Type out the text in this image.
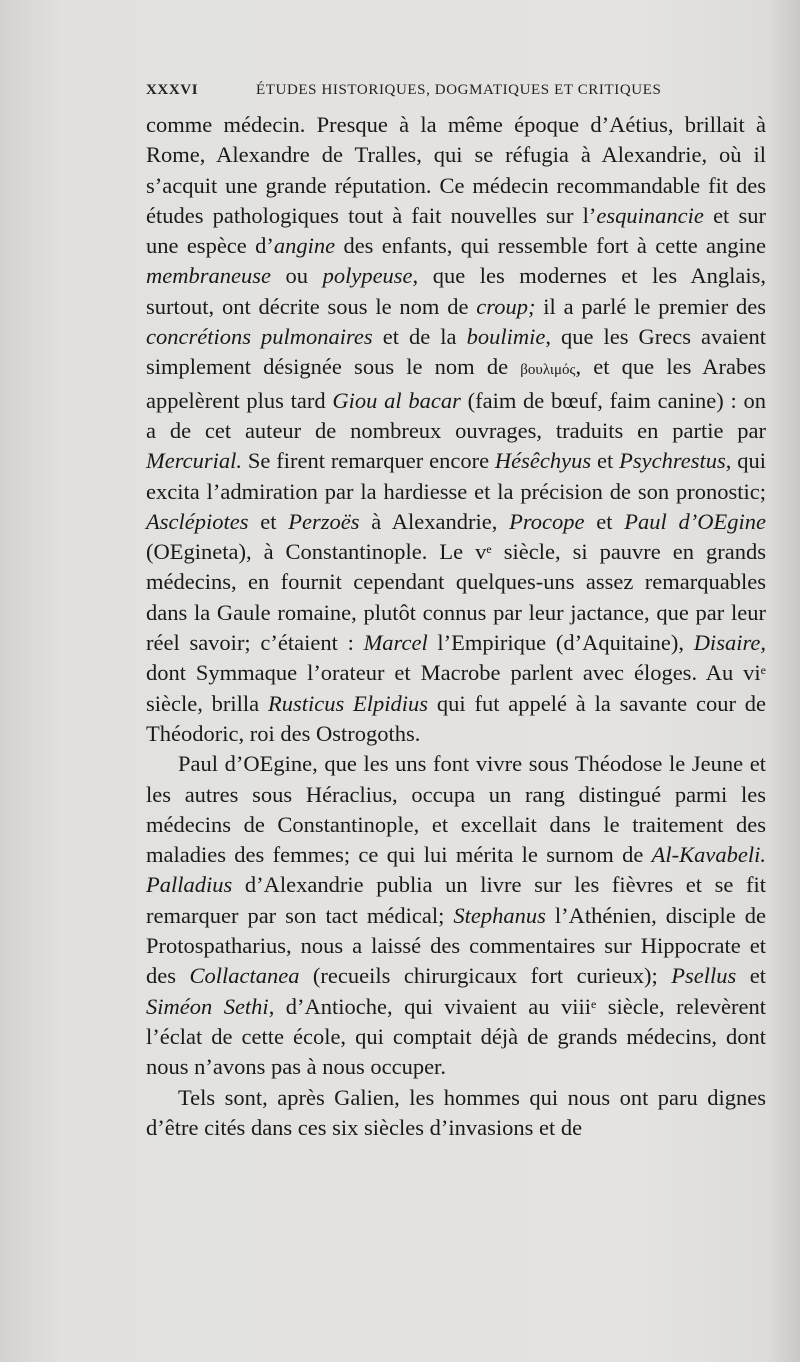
XXXVI	ÉTUDES HISTORIQUES, DOGMATIQUES ET CRITIQUES

comme médecin. Presque à la même époque d’Aétius, brillait à Rome, Alexandre de Tralles, qui se réfugia à Alexandrie, où il s’acquit une grande réputation. Ce médecin recommandable fit des études pathologiques tout à fait nouvelles sur l’esquinancie et sur une espèce d’angine des enfants, qui ressemble fort à cette angine membraneuse ou polypeuse, que les modernes et les Anglais, surtout, ont décrite sous le nom de croup; il a parlé le premier des concrétions pulmonaires et de la boulimie, que les Grecs avaient simplement désignée sous le nom de βουλιμός, et que les Arabes appelèrent plus tard Giou al bacar (faim de bœuf, faim canine) : on a de cet auteur de nombreux ouvrages, traduits en partie par Mercurial. Se firent remarquer encore Hésêchyus et Psychrestus, qui excita l’admiration par la hardiesse et la précision de son pronostic; Asclépiotes et Perzoës à Alexandrie, Procope et Paul d’OEgine (OEgineta), à Constantinople. Le $v^e$ siècle, si pauvre en grands médecins, en fournit cependant quelques-uns assez remarquables dans la Gaule romaine, plutôt connus par leur jactance, que par leur réel savoir; c’étaient : Marcel l’Empirique (d’Aquitaine), Disaire, dont Symmaque l’orateur et Macrobe parlent avec éloges. Au $vi^e$ siècle, brilla Rusticus Elpidius qui fut appelé à la savante cour de Théodoric, roi des Ostrogoths.

Paul d’OEgine, que les uns font vivre sous Théodose le Jeune et les autres sous Héraclius, occupa un rang distingué parmi les médecins de Constantinople, et excellait dans le traitement des maladies des femmes; ce qui lui mérita le surnom de Al-Kavabeli. Palladius d’Alexandrie publia un livre sur les fièvres et se fit remarquer par son tact médical; Stephanus l’Athénien, disciple de Protospatharius, nous a laissé des commentaires sur Hippocrate et des Collactanea (recueils chirurgicaux fort curieux); Psellus et Siméon Sethi, d’Antioche, qui vivaient au viii$^e$ siècle, relevèrent l’éclat de cette école, qui comptait déjà de grands médecins, dont nous n’avons pas à nous occuper.

Tels sont, après Galien, les hommes qui nous ont paru dignes d’être cités dans ces six siècles d’invasions et de
